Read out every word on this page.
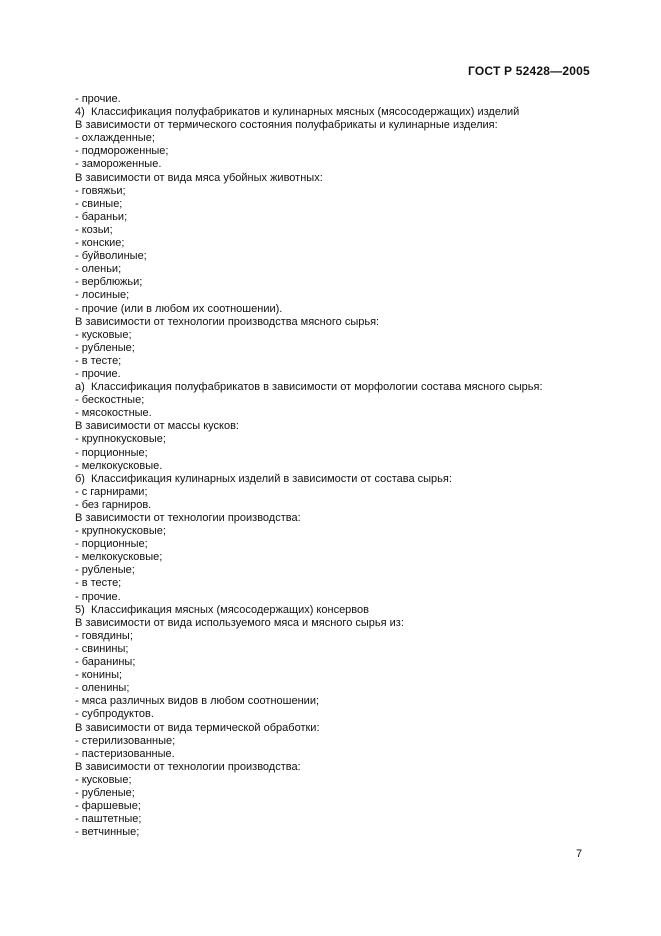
ГОСТ Р 52428—2005
- прочие.
4) Классификация полуфабрикатов и кулинарных мясных (мясосодержащих) изделий
В зависимости от термического состояния полуфабрикаты и кулинарные изделия:
- охлажденные;
- подмороженные;
- замороженные.
В зависимости от вида мяса убойных животных:
- говяжьи;
- свиные;
- бараньи;
- козьи;
- конские;
- буйволиные;
- оленьи;
- верблюжьи;
- лосиные;
- прочие (или в любом их соотношении).
В зависимости от технологии производства мясного сырья:
- кусковые;
- рубленые;
- в тесте;
- прочие.
а) Классификация полуфабрикатов в зависимости от морфологии состава мясного сырья:
- бескостные;
- мясокостные.
В зависимости от массы кусков:
- крупнокусковые;
- порционные;
- мелкокусковые.
б) Классификация кулинарных изделий в зависимости от состава сырья:
- с гарнирами;
- без гарниров.
В зависимости от технологии производства:
- крупнокусковые;
- порционные;
- мелкокусковые;
- рубленые;
- в тесте;
- прочие.
5) Классификация мясных (мясосодержащих) консервов
В зависимости от вида используемого мяса и мясного сырья из:
- говядины;
- свинины;
- баранины;
- конины;
- оленины;
- мяса различных видов в любом соотношении;
- субпродуктов.
В зависимости от вида термической обработки:
- стерилизованные;
- пастеризованные.
В зависимости от технологии производства:
- кусковые;
- рубленые;
- фаршевые;
- паштетные;
- ветчинные;
7
